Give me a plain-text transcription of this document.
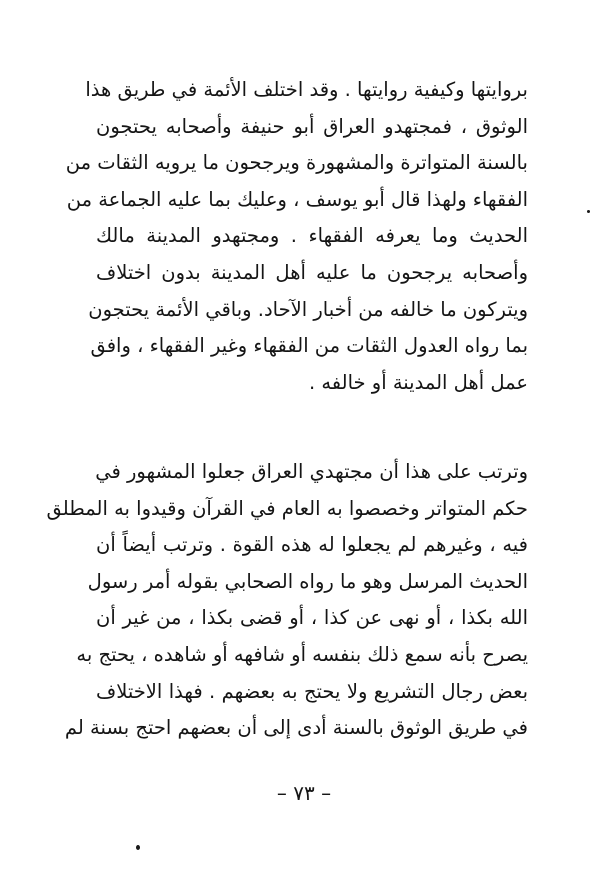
بروايتها وكيفية روايتها . وقد اختلف الأئمة في طريق هذا
الوثوق ، فمجتهدو العراق أبو حنيفة وأصحابه يحتجون
بالسنة المتواترة والمشهورة ويرجحون ما يرويه الثقات من
الفقهاء ولهذا قال أبو يوسف ، وعليك بما عليه الجماعة من
الحديث وما يعرفه الفقهاء . ومجتهدو المدينة مالك
وأصحابه يرجحون ما عليه أهل المدينة بدون اختلاف
ويتركون ما خالفه من أخبار الآحاد. وباقي الأئمة يحتجون
بما رواه العدول الثقات من الفقهاء وغير الفقهاء ، وافق
عمل أهل المدينة أو خالفه .
وترتب على هذا أن مجتهدي العراق جعلوا المشهور في
حكم المتواتر وخصصوا به العام في القرآن وقيدوا به المطلق
فيه ، وغيرهم لم يجعلوا له هذه القوة . وترتب أيضاً أن
الحديث المرسل وهو ما رواه الصحابي بقوله أمر رسول
الله بكذا ، أو نهى عن كذا ، أو قضى بكذا ، من غير أن
يصرح بأنه سمع ذلك بنفسه أو شافهه أو شاهده ، يحتج به
بعض رجال التشريع ولا يحتج به بعضهم . فهذا الاختلاف
في طريق الوثوق بالسنة أدى إلى أن بعضهم احتج بسنة لم
– ٧٣ –
